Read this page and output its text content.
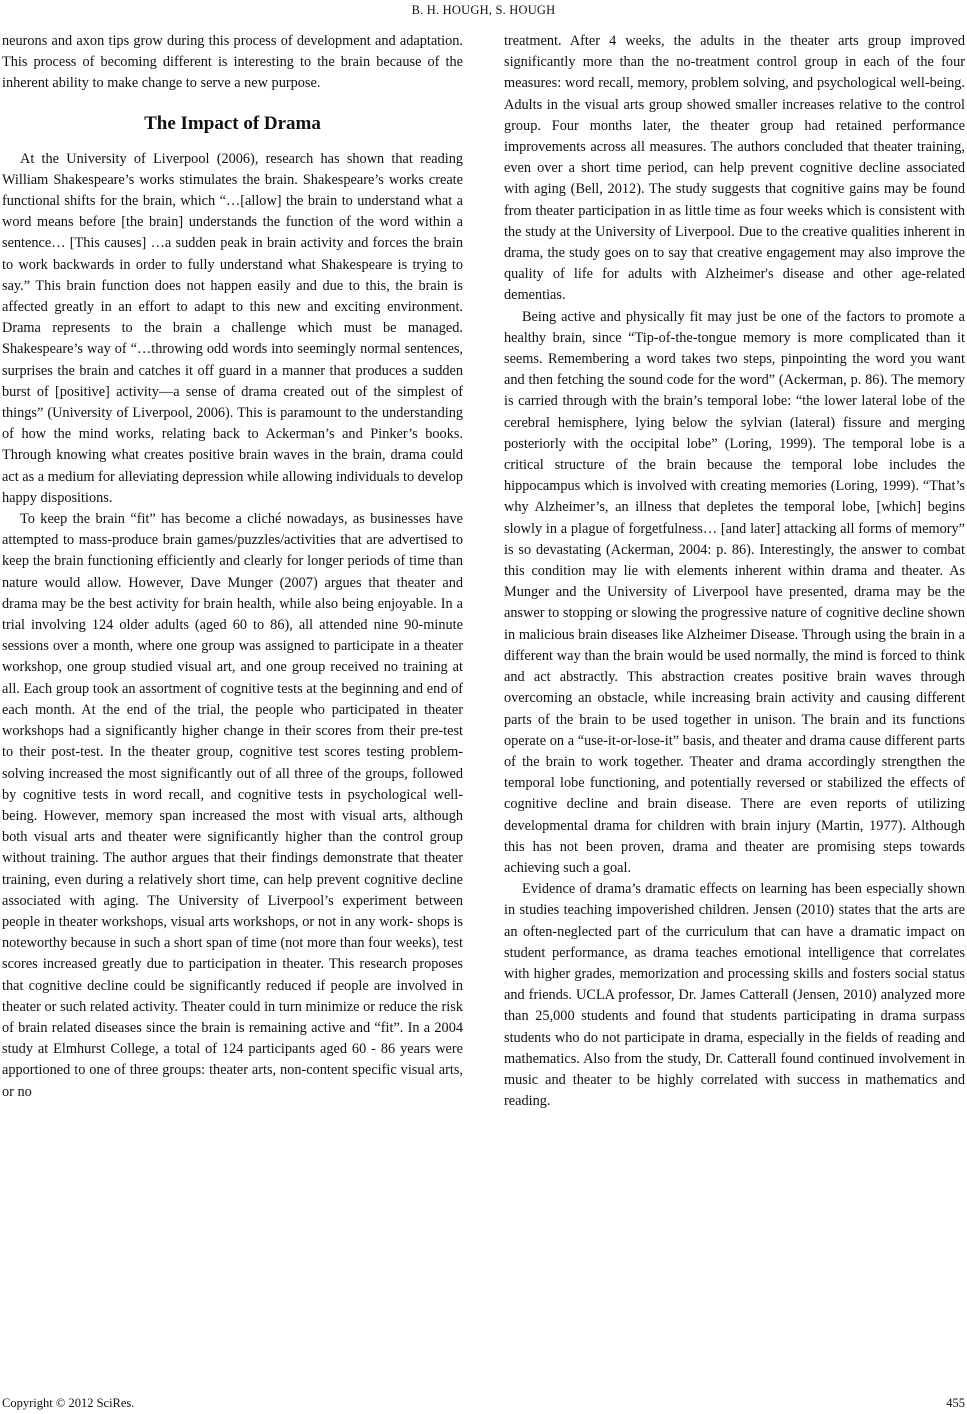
B. H. HOUGH, S. HOUGH

neurons and axon tips grow during this process of development and adaptation. This process of becoming different is interesting to the brain because of the inherent ability to make change to serve a new purpose.

The Impact of Drama

At the University of Liverpool (2006), research has shown that reading William Shakespeare’s works stimulates the brain. Shakespeare’s works create functional shifts for the brain, which “…[allow] the brain to understand what a word means before [the brain] understands the function of the word within a sentence… [This causes] …a sudden peak in brain activity and forces the brain to work backwards in order to fully understand what Shakespeare is trying to say.” This brain function does not happen easily and due to this, the brain is affected greatly in an effort to adapt to this new and exciting environment. Drama represents to the brain a challenge which must be managed. Shakespeare’s way of “…throwing odd words into seemingly normal sentences, surprises the brain and catches it off guard in a manner that produces a sudden burst of [positive] activity—a sense of drama created out of the simplest of things” (University of Liverpool, 2006). This is paramount to the understanding of how the mind works, relating back to Ackerman’s and Pinker’s books. Through knowing what creates positive brain waves in the brain, drama could act as a medium for alleviating depression while allowing individuals to develop happy dispositions.

To keep the brain “fit” has become a cliché nowadays, as businesses have attempted to mass-produce brain games/puzzles/activities that are advertised to keep the brain functioning efficiently and clearly for longer periods of time than nature would allow. However, Dave Munger (2007) argues that theater and drama may be the best activity for brain health, while also being enjoyable. In a trial involving 124 older adults (aged 60 to 86), all attended nine 90-minute sessions over a month, where one group was assigned to participate in a theater workshop, one group studied visual art, and one group received no training at all. Each group took an assortment of cognitive tests at the beginning and end of each month. At the end of the trial, the people who participated in theater workshops had a significantly higher change in their scores from their pre-test to their post-test. In the theater group, cognitive test scores testing problem-solving increased the most significantly out of all three of the groups, followed by cognitive tests in word recall, and cognitive tests in psychological well-being. However, memory span increased the most with visual arts, although both visual arts and theater were significantly higher than the control group without training. The author argues that their findings demonstrate that theater training, even during a relatively short time, can help prevent cognitive decline associated with aging. The University of Liverpool’s experiment between people in theater workshops, visual arts workshops, or not in any work- shops is noteworthy because in such a short span of time (not more than four weeks), test scores increased greatly due to participation in theater. This research proposes that cognitive decline could be significantly reduced if people are involved in theater or such related activity. Theater could in turn minimize or reduce the risk of brain related diseases since the brain is remaining active and “fit”. In a 2004 study at Elmhurst College, a total of 124 participants aged 60 - 86 years were apportioned to one of three groups: theater arts, non-content specific visual arts, or no

treatment. After 4 weeks, the adults in the theater arts group improved significantly more than the no-treatment control group in each of the four measures: word recall, memory, problem solving, and psychological well-being. Adults in the visual arts group showed smaller increases relative to the control group. Four months later, the theater group had retained performance improvements across all measures. The authors concluded that theater training, even over a short time period, can help prevent cognitive decline associated with aging (Bell, 2012). The study suggests that cognitive gains may be found from theater participation in as little time as four weeks which is consistent with the study at the University of Liverpool. Due to the creative qualities inherent in drama, the study goes on to say that creative engagement may also improve the quality of life for adults with Alzheimer's disease and other age-related dementias.

Being active and physically fit may just be one of the factors to promote a healthy brain, since “Tip-of-the-tongue memory is more complicated than it seems. Remembering a word takes two steps, pinpointing the word you want and then fetching the sound code for the word” (Ackerman, p. 86). The memory is carried through with the brain’s temporal lobe: “the lower lateral lobe of the cerebral hemisphere, lying below the sylvian (lateral) fissure and merging posteriorly with the occipital lobe” (Loring, 1999). The temporal lobe is a critical structure of the brain because the temporal lobe includes the hippocampus which is involved with creating memories (Loring, 1999). “That’s why Alzheimer’s, an illness that depletes the temporal lobe, [which] begins slowly in a plague of forgetfulness… [and later] attacking all forms of memory” is so devastating (Ackerman, 2004: p. 86). Interestingly, the answer to combat this condition may lie with elements inherent within drama and theater. As Munger and the University of Liverpool have presented, drama may be the answer to stopping or slowing the progressive nature of cognitive decline shown in malicious brain diseases like Alzheimer Disease. Through using the brain in a different way than the brain would be used normally, the mind is forced to think and act abstractly. This abstraction creates positive brain waves through overcoming an obstacle, while increasing brain activity and causing different parts of the brain to be used together in unison. The brain and its functions operate on a “use-it-or-lose-it” basis, and theater and drama cause different parts of the brain to work together. Theater and drama accordingly strengthen the temporal lobe functioning, and potentially reversed or stabilized the effects of cognitive decline and brain disease. There are even reports of utilizing developmental drama for children with brain injury (Martin, 1977). Although this has not been proven, drama and theater are promising steps towards achieving such a goal.

Evidence of drama’s dramatic effects on learning has been especially shown in studies teaching impoverished children. Jensen (2010) states that the arts are an often-neglected part of the curriculum that can have a dramatic impact on student performance, as drama teaches emotional intelligence that correlates with higher grades, memorization and processing skills and fosters social status and friends. UCLA professor, Dr. James Catterall (Jensen, 2010) analyzed more than 25,000 students and found that students participating in drama surpass students who do not participate in drama, especially in the fields of reading and mathematics. Also from the study, Dr. Catterall found continued involvement in music and theater to be highly correlated with success in mathematics and reading.

Copyright © 2012 SciRes.	455
